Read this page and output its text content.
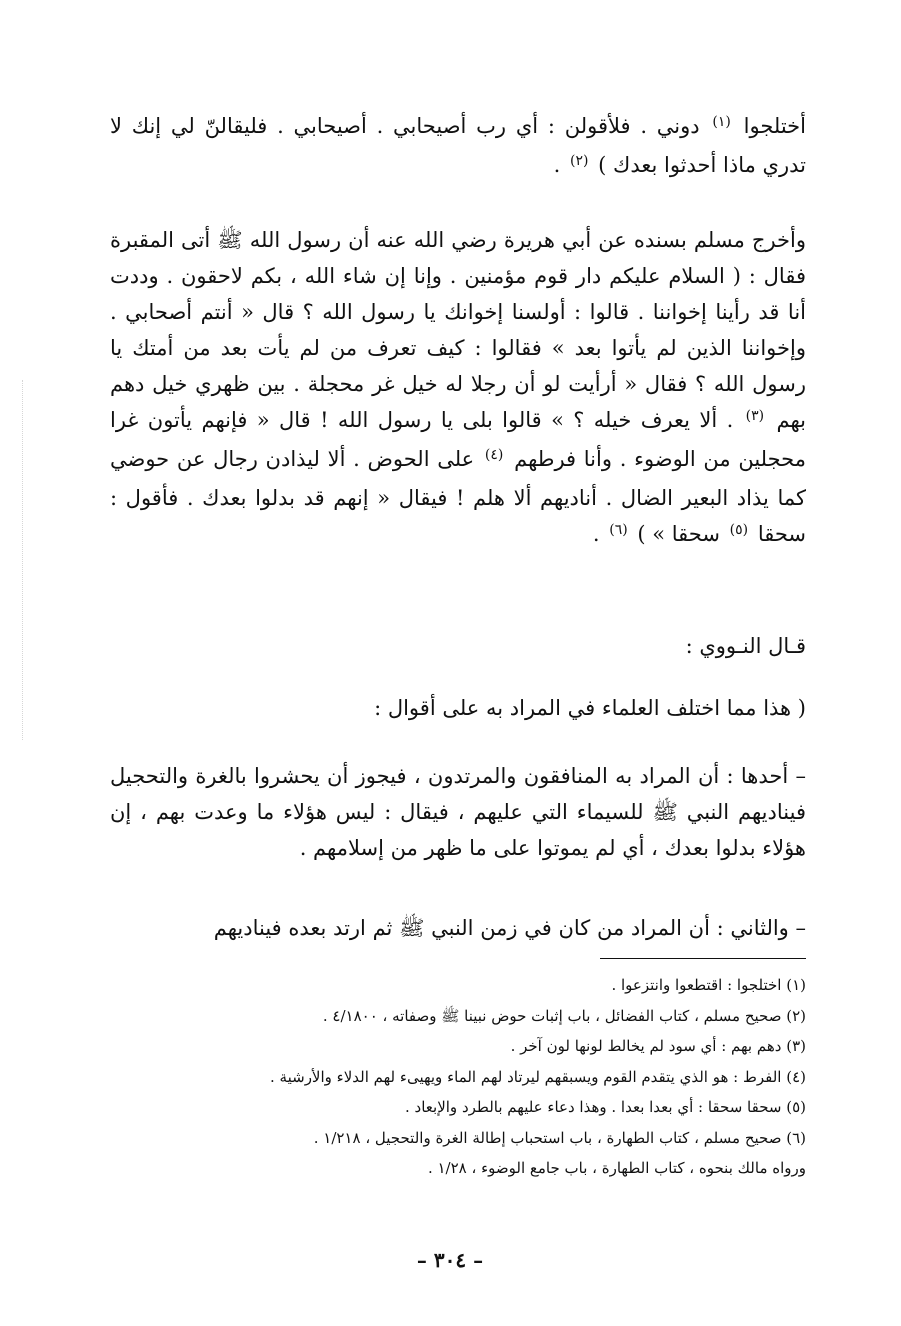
أختلجوا $^{(١)}$ دوني . فلأقولن : أي رب أصيحابي . أصيحابي . فليقالنّ لي إنك لا تدري ماذا أحدثوا بعدك ) $^{(٢)}$ .
وأخرج مسلم بسنده عن أبي هريرة رضي الله عنه أن رسول الله ﷺ أتى المقبرة فقال : ( السلام عليكم دار قوم مؤمنين . وإنا إن شاء الله ، بكم لاحقون . وددت أنا قد رأينا إخواننا . قالوا : أولسنا إخوانك يا رسول الله ؟ قال « أنتم أصحابي . وإخواننا الذين لم يأتوا بعد » فقالوا : كيف تعرف من لم يأت بعد من أمتك يا رسول الله ؟ فقال « أرأيت لو أن رجلا له خيل غر محجلة . بين ظهري خيل دهم بهم $^{(٣)}$ . ألا يعرف خيله ؟ » قالوا بلى يا رسول الله ! قال « فإنهم يأتون غرا محجلين من الوضوء . وأنا فرطهم $^{(٤)}$ على الحوض . ألا ليذادن رجال عن حوضي كما يذاد البعير الضال . أناديهم ألا هلم ! فيقال « إنهم قد بدلوا بعدك . فأقول : سحقا $^{(٥)}$ سحقا » ) $^{(٦)}$ .
قـال النـووي :
( هذا مما اختلف العلماء في المراد به على أقوال :
– أحدها : أن المراد به المنافقون والمرتدون ، فيجوز أن يحشروا بالغرة والتحجيل فيناديهم النبي ﷺ للسيماء التي عليهم ، فيقال : ليس هؤلاء ما وعدت بهم ، إن هؤلاء بدلوا بعدك ، أي لم يموتوا على ما ظهر من إسلامهم .
– والثاني : أن المراد من كان في زمن النبي ﷺ ثم ارتد بعده فيناديهم
(١) اختلجوا : اقتطعوا وانتزعوا .
(٢) صحيح مسلم ، كتاب الفضائل ، باب إثبات حوض نبينا ﷺ وصفاته ، ٤/١٨٠٠ .
(٣) دهم بهم : أي سود لم يخالط لونها لون آخر .
(٤) الفرط : هو الذي يتقدم القوم ويسبقهم ليرتاد لهم الماء ويهيىء لهم الدلاء والأرشية .
(٥) سحقا سحقا : أي بعدا بعدا . وهذا دعاء عليهم بالطرد والإبعاد .
(٦) صحيح مسلم ، كتاب الطهارة ، باب استحباب إطالة الغرة والتحجيل ، ١/٢١٨ .
ورواه مالك بنحوه ، كتاب الطهارة ، باب جامع الوضوء ، ١/٢٨ .
– ٣٠٤ –
